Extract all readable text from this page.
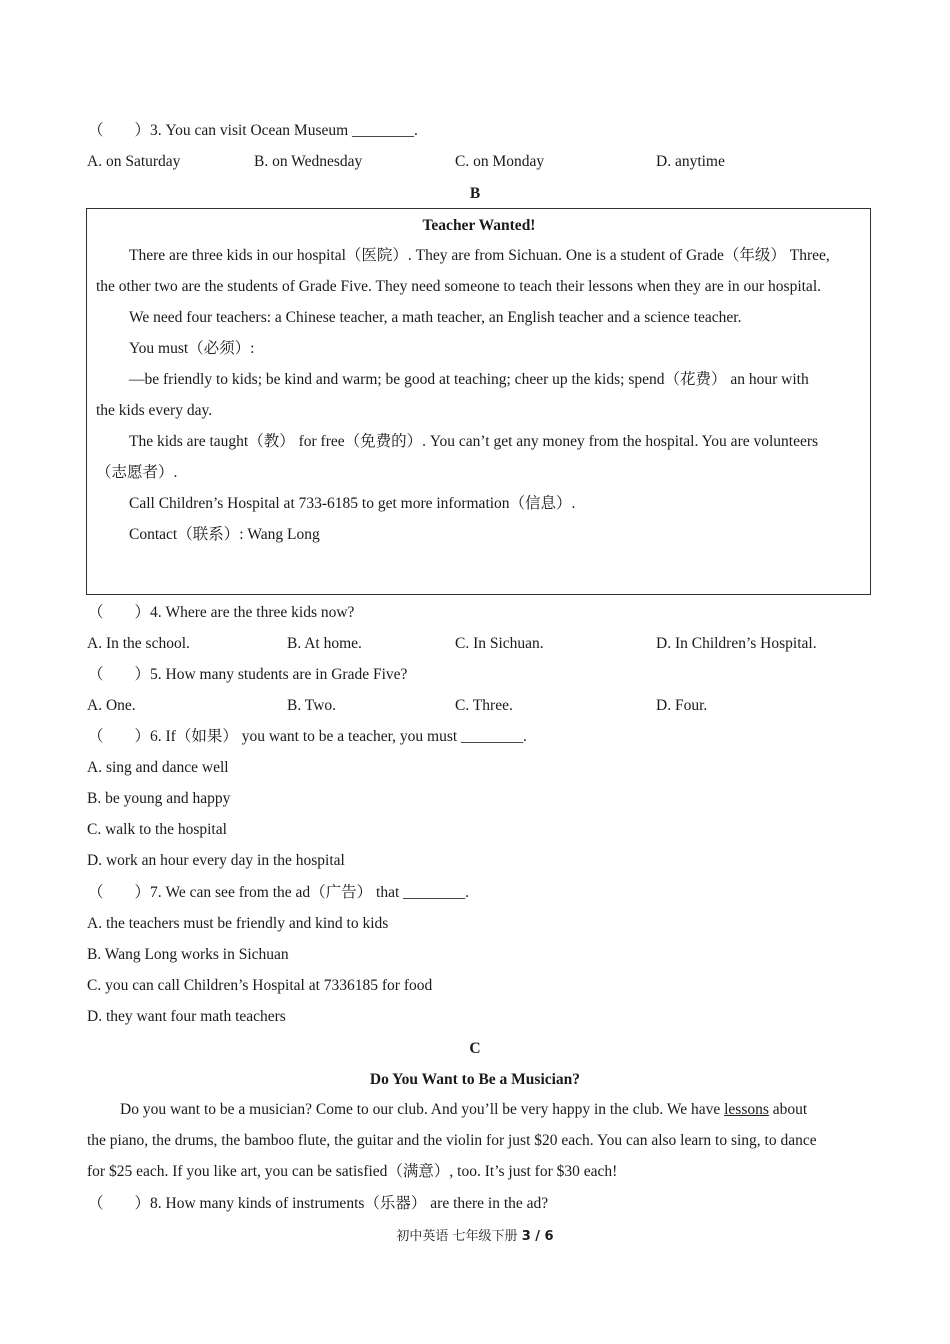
（　　）3. You can visit Ocean Museum ________.
A. on Saturday	B. on Wednesday	C. on Monday	D. anytime
B
Teacher Wanted!
There are three kids in our hospital（医院）. They are from Sichuan. One is a student of Grade（年级） Three,
the other two are the students of Grade Five. They need someone to teach their lessons when they are in our hospital.
We need four teachers: a Chinese teacher, a math teacher, an English teacher and a science teacher.
You must（必须）:
—be friendly to kids; be kind and warm; be good at teaching; cheer up the kids; spend（花费） an hour with
the kids every day.
The kids are taught（教） for free（免费的）. You can’t get any money from the hospital. You are volunteers
（志愿者）.
Call Children’s Hospital at 733-6185 to get more information（信息）.
Contact（联系）: Wang Long
（　　）4. Where are the three kids now?
A. In the school.	B. At home.	C. In Sichuan.	D. In Children’s Hospital.
（　　）5. How many students are in Grade Five?
A. One.	B. Two.	C. Three.	D. Four.
（　　）6. If（如果） you want to be a teacher, you must ________.
A. sing and dance well
B. be young and happy
C. walk to the hospital
D. work an hour every day in the hospital
（　　）7. We can see from the ad（广告） that ________.
A. the teachers must be friendly and kind to kids
B. Wang Long works in Sichuan
C. you can call Children’s Hospital at 7336185 for food
D. they want four math teachers
C
Do You Want to Be a Musician?
Do you want to be a musician? Come to our club. And you’ll be very happy in the club. We have lessons about
the piano, the drums, the bamboo flute, the guitar and the violin for just $20 each. You can also learn to sing, to dance
for $25 each. If you like art, you can be satisfied（满意）, too. It’s just for $30 each!
（　　）8. How many kinds of instruments（乐器） are there in the ad?
初中英语 七年级下册 3 / 6
